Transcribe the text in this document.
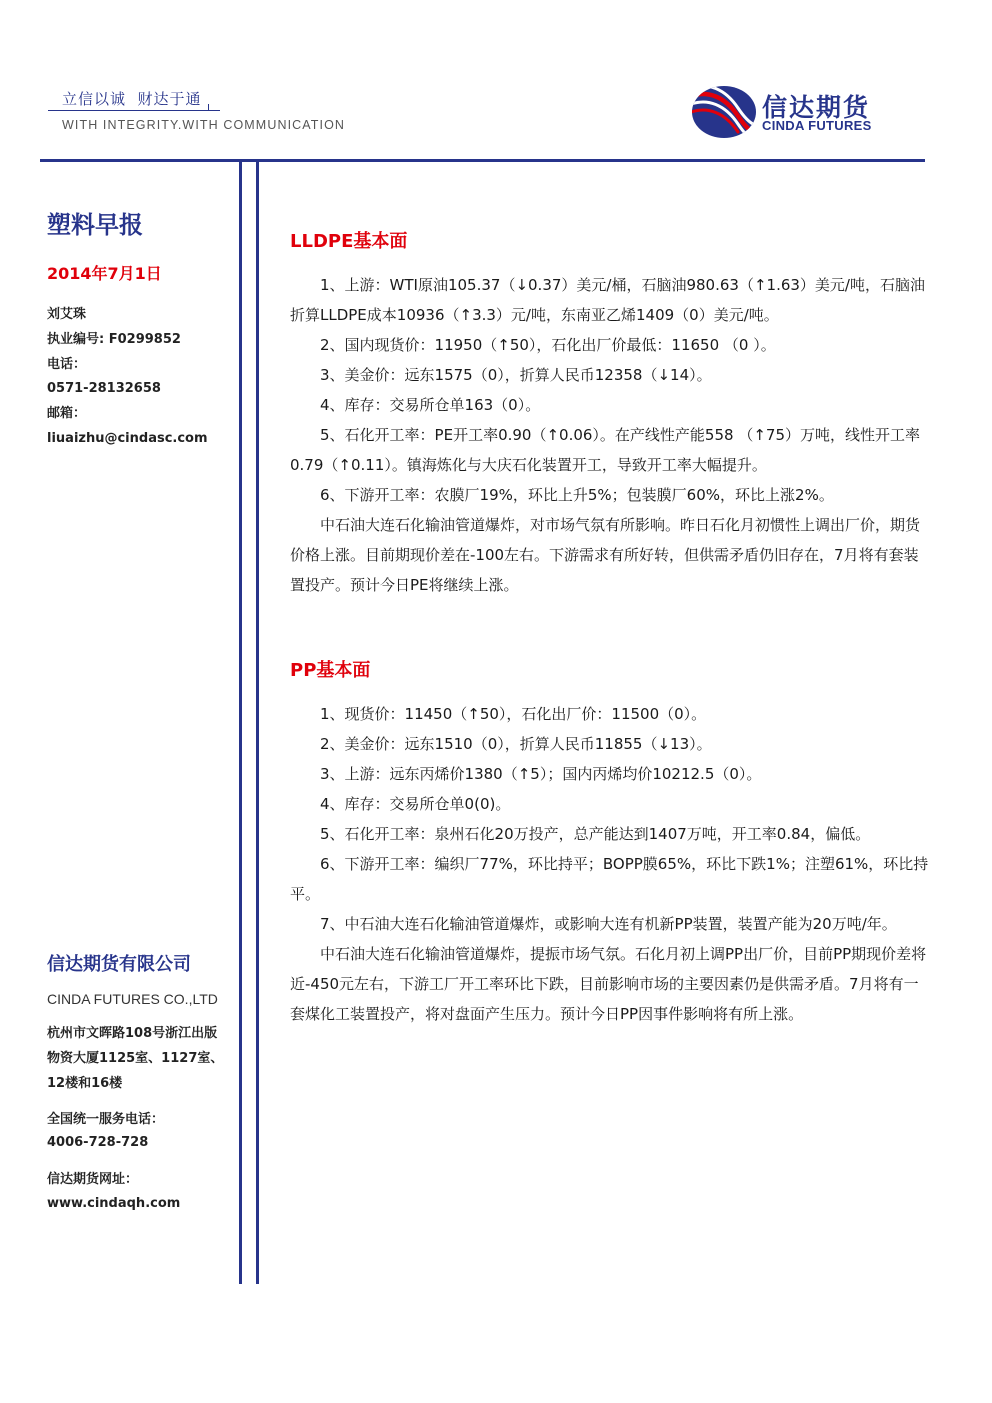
立信以诚  财达于通
WITH INTEGRITY.WITH COMMUNICATION
信达期货
CINDA FUTURES
塑料早报
2014年7月1日
刘艾珠
执业编号: F0299852
电话：
0571-28132658
邮箱：
liuaizhu@cindasc.com
信达期货有限公司
CINDA FUTURES CO.,LTD
杭州市文晖路108号浙江出版
物资大厦1125室、1127室、
12楼和16楼
全国统一服务电话：
4006-728-728
信达期货网址：
www.cindaqh.com
LLDPE基本面

1、上游：WTI原油105.37（↓0.37）美元/桶，石脑油980.63（↑1.63）美元/吨，石脑油折算LLDPE成本10936（↑3.3）元/吨，东南亚乙烯1409（0）美元/吨。

2、国内现货价：11950（↑50），石化出厂价最低：11650 （0 ）。

3、美金价：远东1575（0），折算人民币12358（↓14）。

4、库存：交易所仓单163（0）。

5、石化开工率：PE开工率0.90（↑0.06）。在产线性产能558 （↑75）万吨，线性开工率0.79（↑0.11）。镇海炼化与大庆石化装置开工，导致开工率大幅提升。

6、下游开工率：农膜厂19%，环比上升5%；包装膜厂60%，环比上涨2%。

中石油大连石化输油管道爆炸，对市场气氛有所影响。昨日石化月初惯性上调出厂价，期货价格上涨。目前期现价差在-100左右。下游需求有所好转，但供需矛盾仍旧存在，7月将有套装置投产。预计今日PE将继续上涨。

PP基本面

1、现货价：11450（↑50），石化出厂价：11500（0）。

2、美金价：远东1510（0），折算人民币11855（↓13）。

3、上游：远东丙烯价1380（↑5）；国内丙烯均价10212.5（0）。

4、库存：交易所仓单0(0)。

5、石化开工率：泉州石化20万投产，总产能达到1407万吨，开工率0.84，偏低。

6、下游开工率：编织厂77%，环比持平；BOPP膜65%，环比下跌1%；注塑61%，环比持平。

7、中石油大连石化输油管道爆炸，或影响大连有机新PP装置，装置产能为20万吨/年。

中石油大连石化输油管道爆炸，提振市场气氛。石化月初上调PP出厂价，目前PP期现价差将近-450元左右，下游工厂开工率环比下跌，目前影响市场的主要因素仍是供需矛盾。7月将有一套煤化工装置投产，将对盘面产生压力。预计今日PP因事件影响将有所上涨。
